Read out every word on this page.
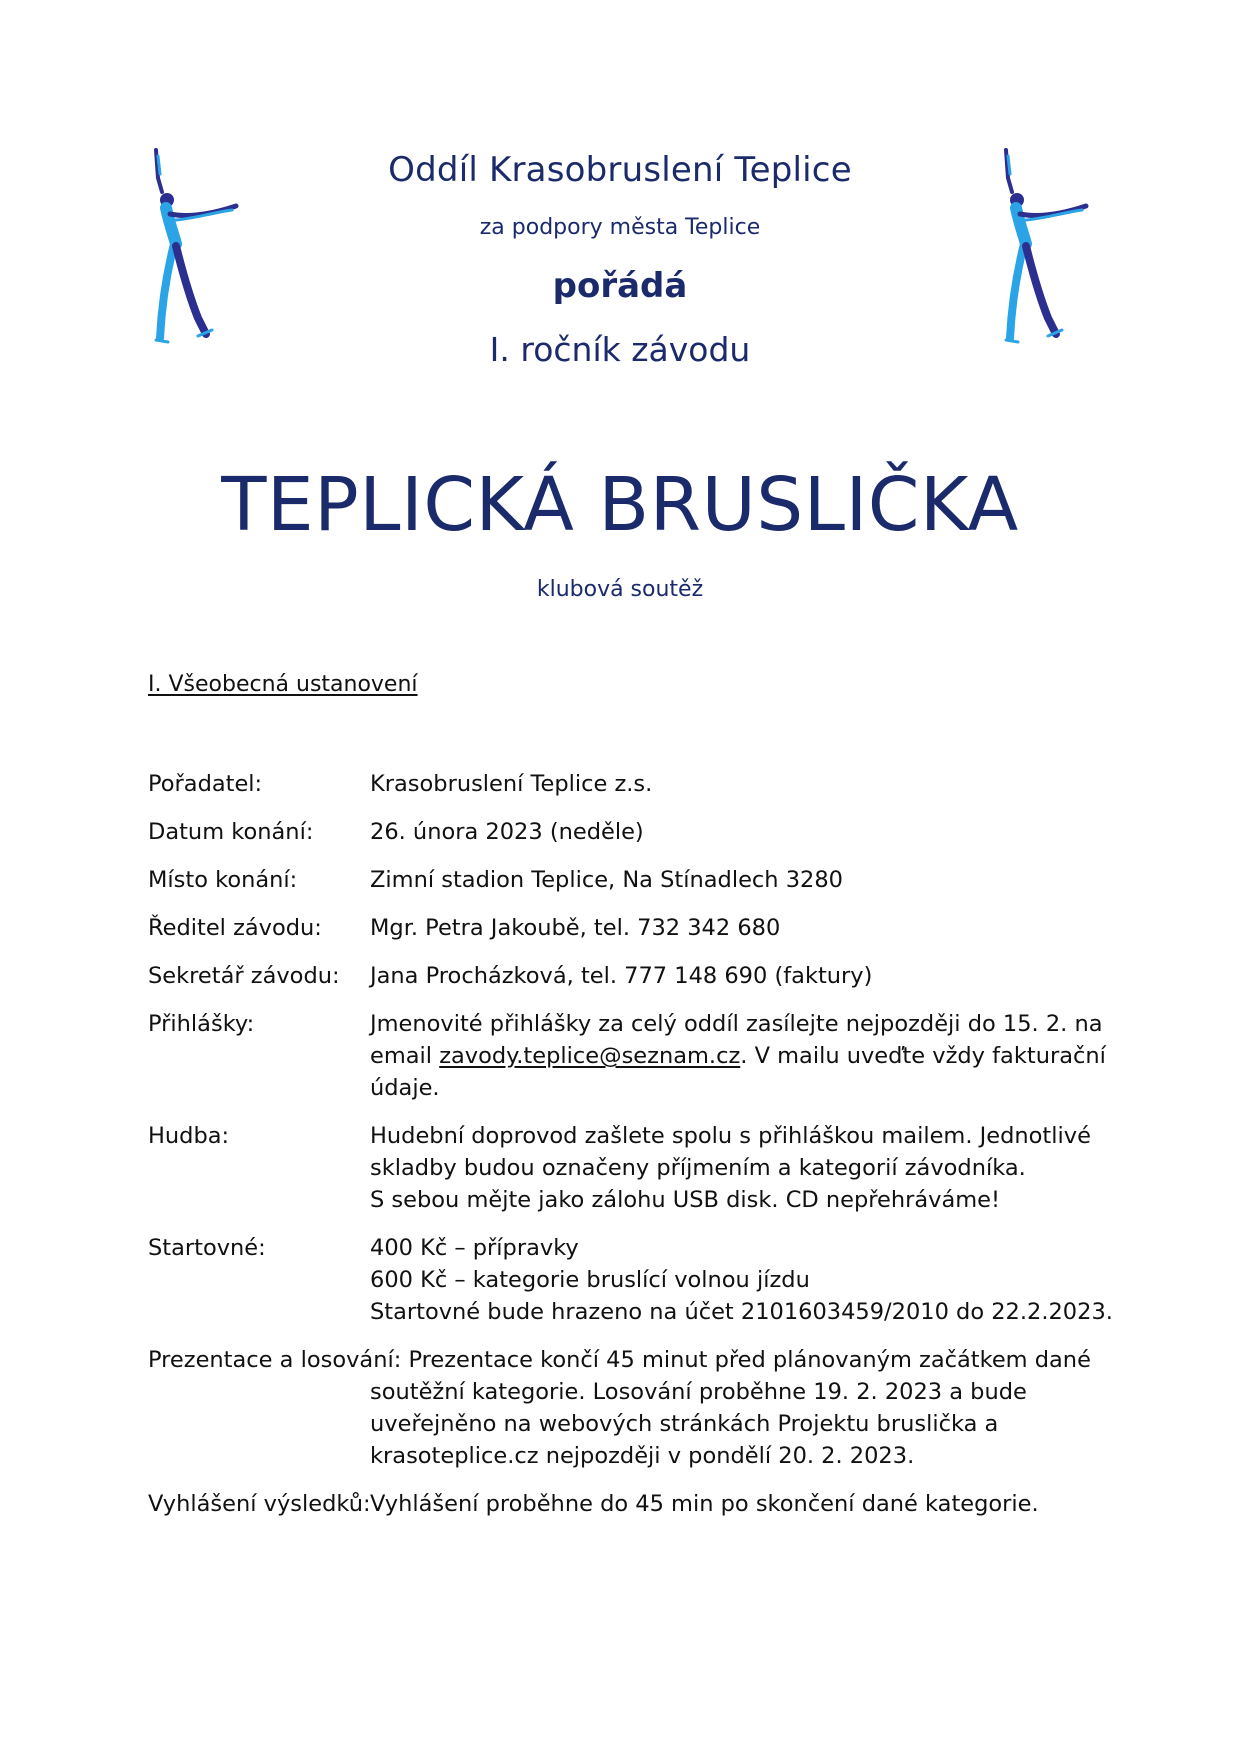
Oddíl Krasobruslení Teplice
za podpory města Teplice
pořádá
I. ročník závodu
TEPLICKÁ BRUSLIČKA
klubová soutěž
I. Všeobecná ustanovení
Pořadatel:	Krasobruslení Teplice z.s.
Datum konání:	26. února 2023 (neděle)
Místo konání:	Zimní stadion Teplice, Na Stínadlech 3280
Ředitel závodu: Mgr. Petra Jakoubě, tel. 732 342 680
Sekretář závodu: Jana Procházková, tel. 777 148 690 (faktury)
Přihlášky:	Jmenovité přihlášky za celý oddíl zasílejte nejpozději do 15. 2. na
email zavody.teplice@seznam.cz. V mailu uveďte vždy fakturační
údaje.
Hudba:	Hudební doprovod zašlete spolu s přihláškou mailem. Jednotlivé
skladby budou označeny příjmením a kategorií závodníka.
S sebou mějte jako zálohu USB disk. CD nepřehráváme!
Startovné:	400 Kč – přípravky
600 Kč – kategorie bruslící volnou jízdu
Startovné bude hrazeno na účet 2101603459/2010 do 22.2.2023.
Prezentace a losování: Prezentace končí 45 minut před plánovaným začátkem dané
soutěžní kategorie. Losování proběhne 19. 2. 2023 a bude
uveřejněno na webových stránkách Projektu bruslička a
krasoteplice.cz nejpozději v pondělí 20. 2. 2023.
Vyhlášení výsledků: Vyhlášení proběhne do 45 min po skončení dané kategorie.
